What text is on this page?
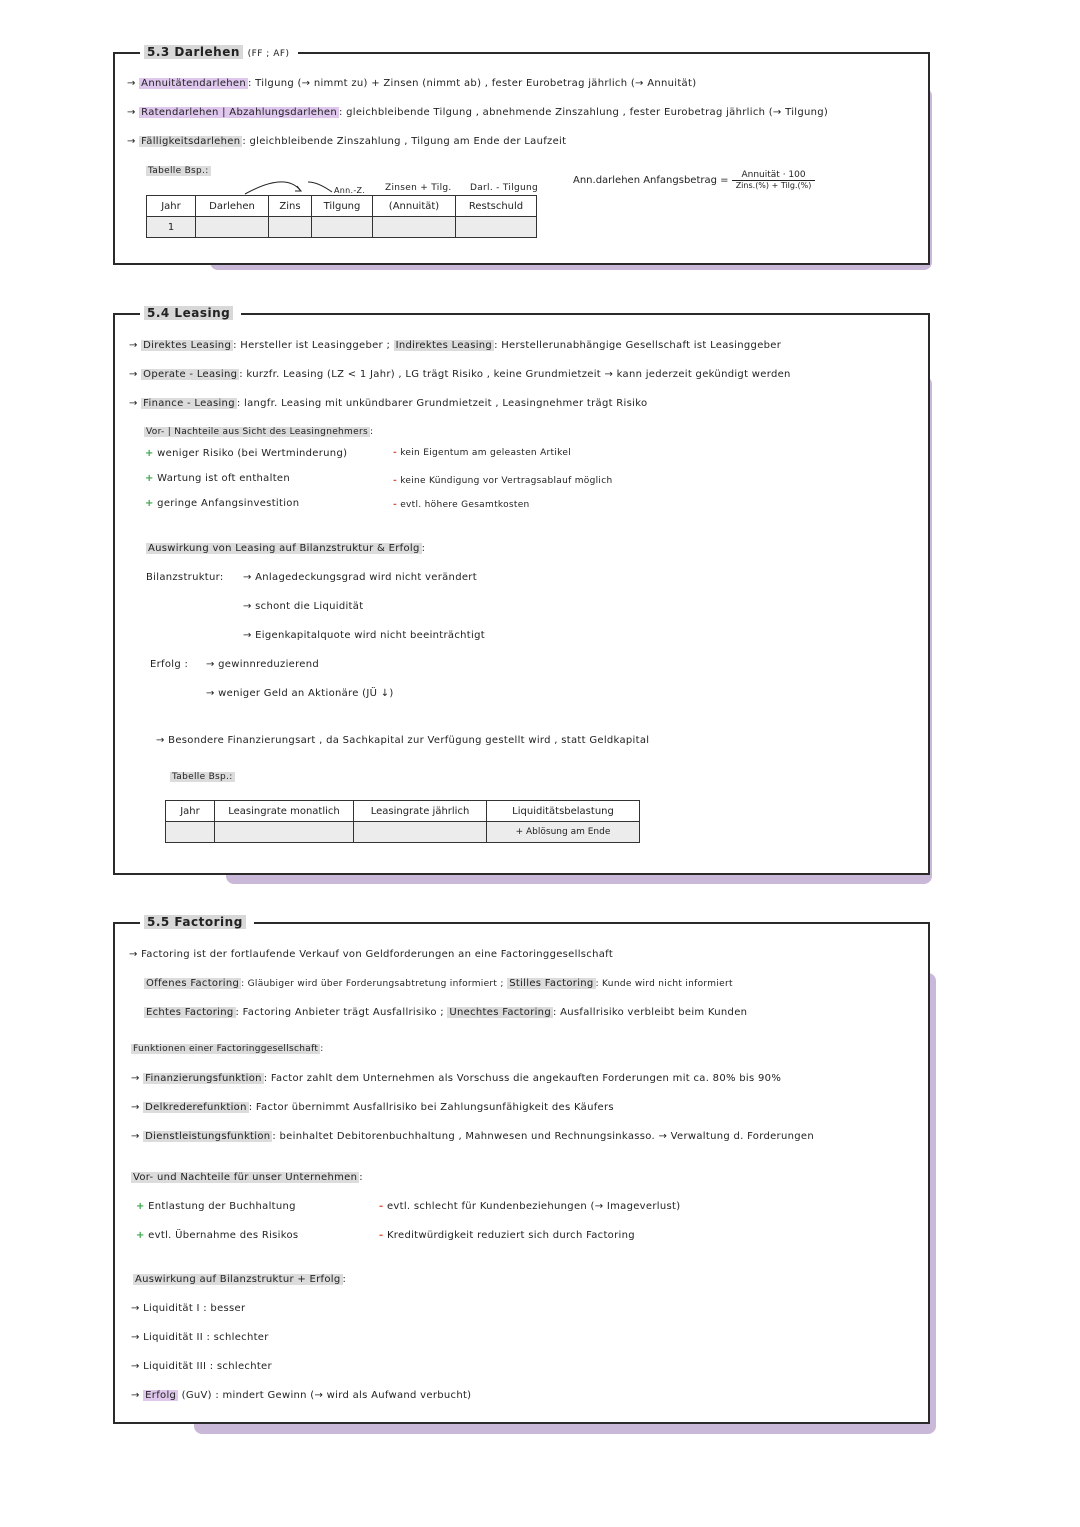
5.3 Darlehen (FF ; AF)
→ Annuitätendarlehen : Tilgung (→ nimmt zu) + Zinsen (nimmt ab) , fester Eurobetrag jährlich (→ Annuität)
→ Ratendarlehen | Abzahlungsdarlehen : gleichbleibende Tilgung , abnehmende Zinszahlung , fester Eurobetrag jährlich (→ Tilgung)
→ Fälligkeitsdarlehen : gleichbleibende Zinszahlung , Tilgung am Ende der Laufzeit
Tabelle Bsp.:
Ann.-Z. Zinsen + Tilg. Darl. - Tilgung
Jahr	Darlehen	Zins	Tilgung	(Annuität)	Restschuld
1					
Ann.darlehen Anfangsbetrag = $\frac{\text{Annuität · 100}}{\text{Zins.(\%) + Tilg.(\%)}}$
5.4 Leasing
→ Direktes Leasing : Hersteller ist Leasinggeber ; Indirektes Leasing : Herstellerunabhängige Gesellschaft ist Leasinggeber
→ Operate - Leasing : kurzfr. Leasing (LZ < 1 Jahr) , LG trägt Risiko , keine Grundmietzeit → kann jederzeit gekündigt werden
→ Finance - Leasing : langfr. Leasing mit unkündbarer Grundmietzeit , Leasingnehmer trägt Risiko
Vor- | Nachteile aus Sicht des Leasingnehmers :
+ weniger Risiko (bei Wertminderung)
+ Wartung ist oft enthalten
+ geringe Anfangsinvestition
- kein Eigentum am geleasten Artikel
- keine Kündigung vor Vertragsablauf möglich
- evtl. höhere Gesamtkosten
Auswirkung von Leasing auf Bilanzstruktur & Erfolg :
Bilanzstruktur: → Anlagedeckungsgrad wird nicht verändert
→ schont die Liquidität
→ Eigenkapitalquote wird nicht beeinträchtigt
Erfolg : → gewinnreduzierend
→ weniger Geld an Aktionäre (JÜ ↓)
→ Besondere Finanzierungsart , da Sachkapital zur Verfügung gestellt wird , statt Geldkapital
Tabelle Bsp.:
Jahr	Leasingrate monatlich	Leasingrate jährlich	Liquiditätsbelastung
			+ Ablösung am Ende
5.5 Factoring
→ Factoring ist der fortlaufende Verkauf von Geldforderungen an eine Factoringgesellschaft
Offenes Factoring : Gläubiger wird über Forderungsabtretung informiert ; Stilles Factoring : Kunde wird nicht informiert
Echtes Factoring : Factoring Anbieter trägt Ausfallrisiko ; Unechtes Factoring : Ausfallrisiko verbleibt beim Kunden
Funktionen einer Factoringgesellschaft :
→ Finanzierungsfunktion : Factor zahlt dem Unternehmen als Vorschuss die angekauften Forderungen mit ca. 80% bis 90%
→ Delkrederefunktion : Factor übernimmt Ausfallrisiko bei Zahlungsunfähigkeit des Käufers
→ Dienstleistungsfunktion : beinhaltet Debitorenbuchhaltung , Mahnwesen und Rechnungsinkasso. → Verwaltung d. Forderungen
Vor- und Nachteile für unser Unternehmen :
+ Entlastung der Buchhaltung
+ evtl. Übernahme des Risikos
- evtl. schlecht für Kundenbeziehungen (→ Imageverlust)
- Kreditwürdigkeit reduziert sich durch Factoring
Auswirkung auf Bilanzstruktur + Erfolg :
→ Liquidität I : besser
→ Liquidität II : schlechter
→ Liquidität III : schlechter
→ Erfolg (GuV) : mindert Gewinn (→ wird als Aufwand verbucht)
